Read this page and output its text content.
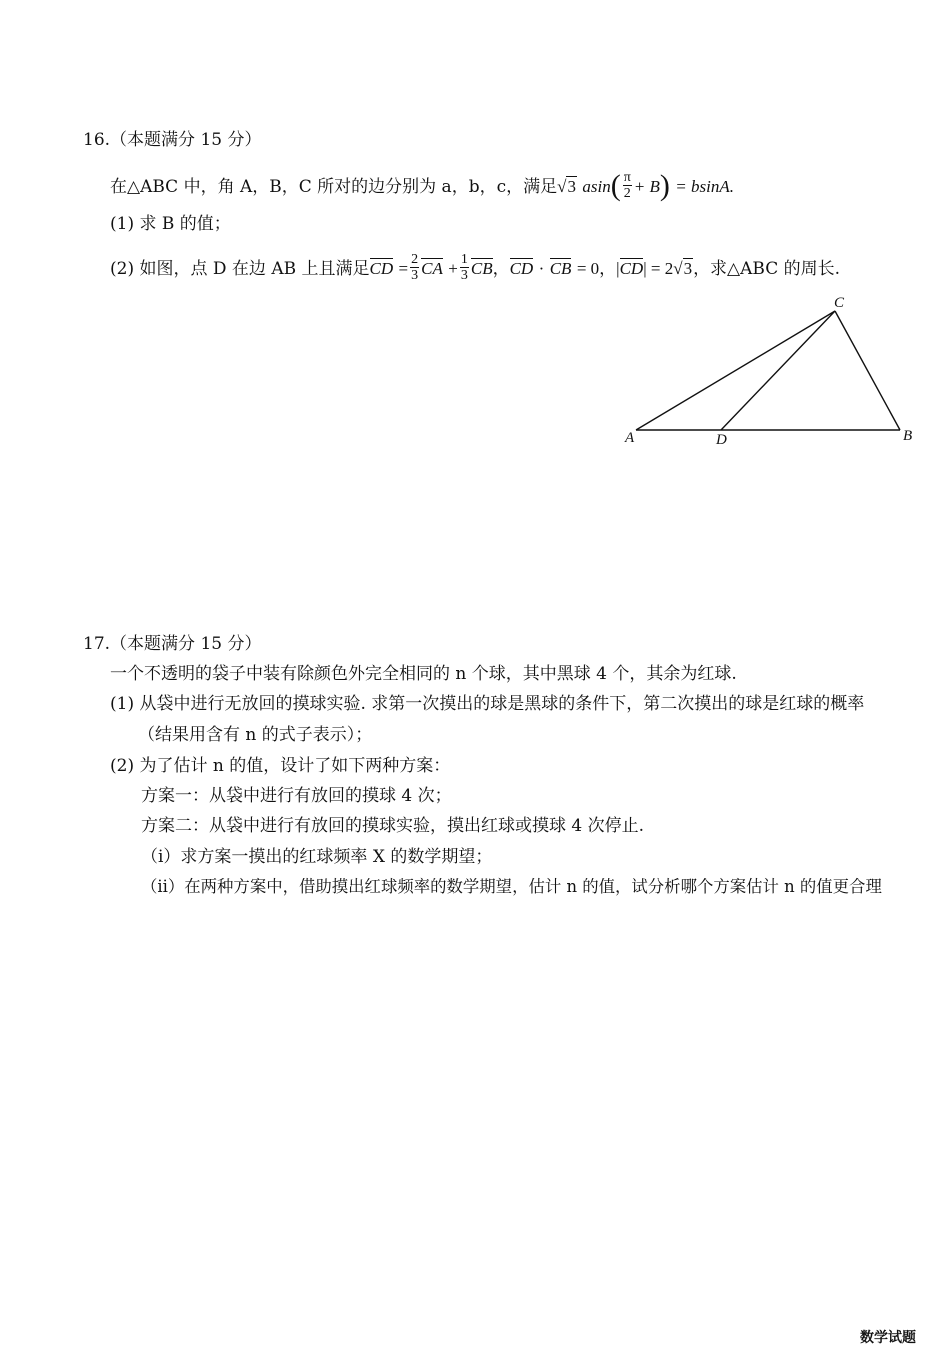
16.（本题满分 15 分）
在△ABC 中，角 A，B，C 所对的边分别为 a，b，c，满足√3 $asin( \frac{\pi}{2} + B) = bsinA$.
(1) 求 B 的值；
(2) 如图，点 D 在边 AB 上且满足CD = $\frac{2}{3}$ CA + $\frac{1}{3}$ CB，CD · CB = 0，|CD| = 2√3，求△ABC 的周长.
A	D	B
C
17.（本题满分 15 分）
一个不透明的袋子中装有除颜色外完全相同的 n 个球，其中黑球 4 个，其余为红球.
(1) 从袋中进行无放回的摸球实验. 求第一次摸出的球是黑球的条件下，第二次摸出的球是红球的概率
（结果用含有 n 的式子表示）；
(2) 为了估计 n 的值，设计了如下两种方案：
方案一：从袋中进行有放回的摸球 4 次；
方案二：从袋中进行有放回的摸球实验，摸出红球或摸球 4 次停止.
（ⅰ）求方案一摸出的红球频率 X 的数学期望；
（ⅱ）在两种方案中，借助摸出红球频率的数学期望，估计 n 的值，试分析哪个方案估计 n 的值更合理
数学试题
